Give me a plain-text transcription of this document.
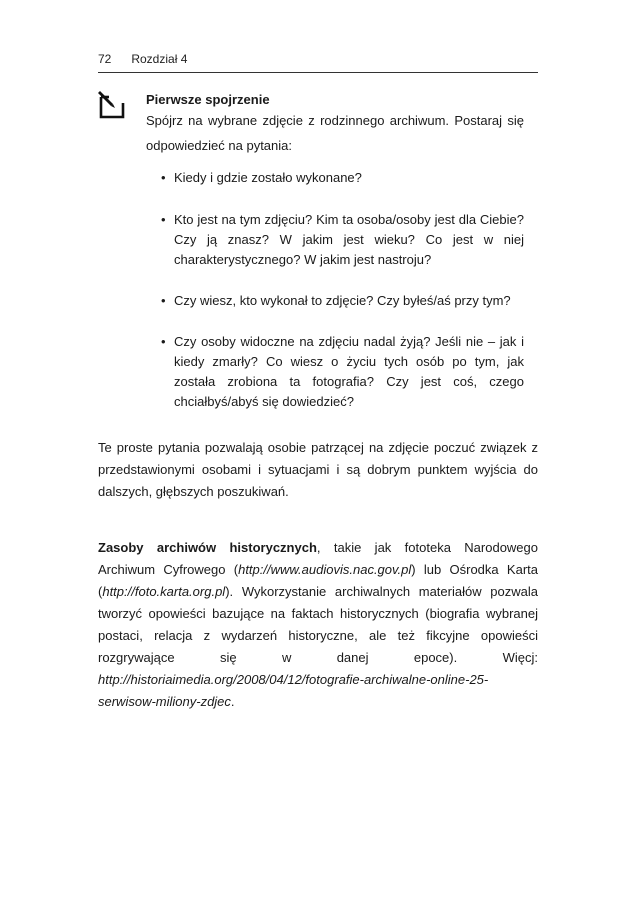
72 Rozdział 4
Pierwsze spojrzenie

Spójrz na wybrane zdjęcie z rodzinnego archiwum. Postaraj się odpowiedzieć na pytania:

• Kiedy i gdzie zostało wykonane?
• Kto jest na tym zdjęciu? Kim ta osoba/osoby jest dla Ciebie? Czy ją znasz? W jakim jest wieku? Co jest w niej charakterystycznego? W jakim jest nastroju?
• Czy wiesz, kto wykonał to zdjęcie? Czy byłeś/aś przy tym?
• Czy osoby widoczne na zdjęciu nadal żyją? Jeśli nie – jak i kiedy zmarły? Co wiesz o życiu tych osób po tym, jak została zrobiona ta fotografia? Czy jest coś, czego chciałbyś/abyś się dowiedzieć?

Te proste pytania pozwalają osobie patrzącej na zdjęcie poczuć związek z przedstawionymi osobami i sytuacjami i są dobrym punktem wyjścia do dalszych, głębszych poszukiwań.

Zasoby archiwów historycznych, takie jak fototeka Narodowego Archiwum Cyfrowego (http://www.audiovis.nac.gov.pl) lub Ośrodka Karta (http://foto.karta.org.pl). Wykorzystanie archiwalnych materiałów pozwala tworzyć opowieści bazujące na faktach historycznych (biografia wybranej postaci, relacja z wydarzeń historyczne, ale też fikcyjne opowieści rozgrywające się w danej epoce). Więcj: http://historiaimedia.org/2008/04/12/fotografie-archiwalne-online-25-serwisow-miliony-zdjec.
